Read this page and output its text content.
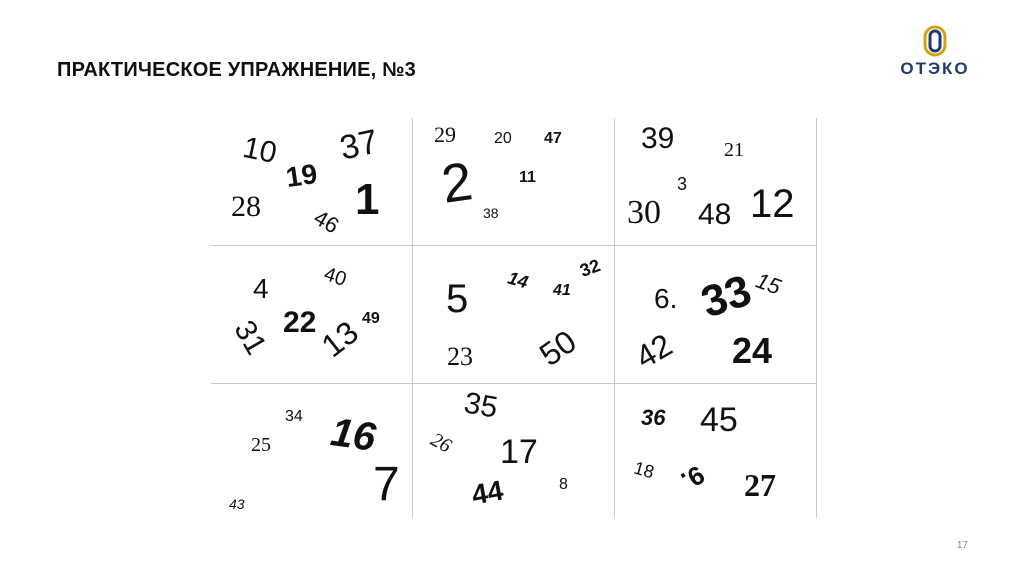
ПРАКТИЧЕСКОЕ УПРАЖНЕНИЕ, №3	ОТЭКО
10 37
19
28 1
46
29 20 47
2	11
38
39 21
3
30 48 12
4	40
22	49
31 13
5 14	32
41
23 50
6. 33
15
42 24
34
25 16
7
43
35
26 17
44	8
36 45
18 9. 27
17
